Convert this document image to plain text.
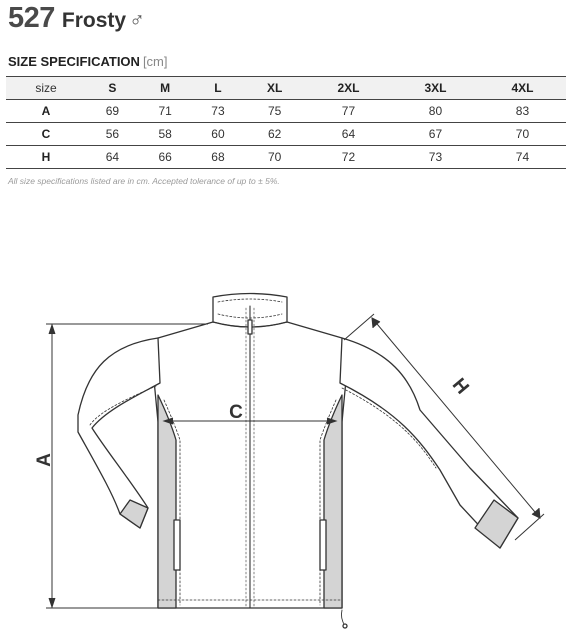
527 Frosty ♂
SIZE SPECIFICATION [cm]
size	S	M	L	XL	2XL	3XL	4XL
A	69	71	73	75	77	80	83
C	56	58	60	62	64	67	70
H	64	66	68	70	72	73	74
All size specifications listed are in cm. Accepted tolerance of up to ± 5%.
A
C
H
